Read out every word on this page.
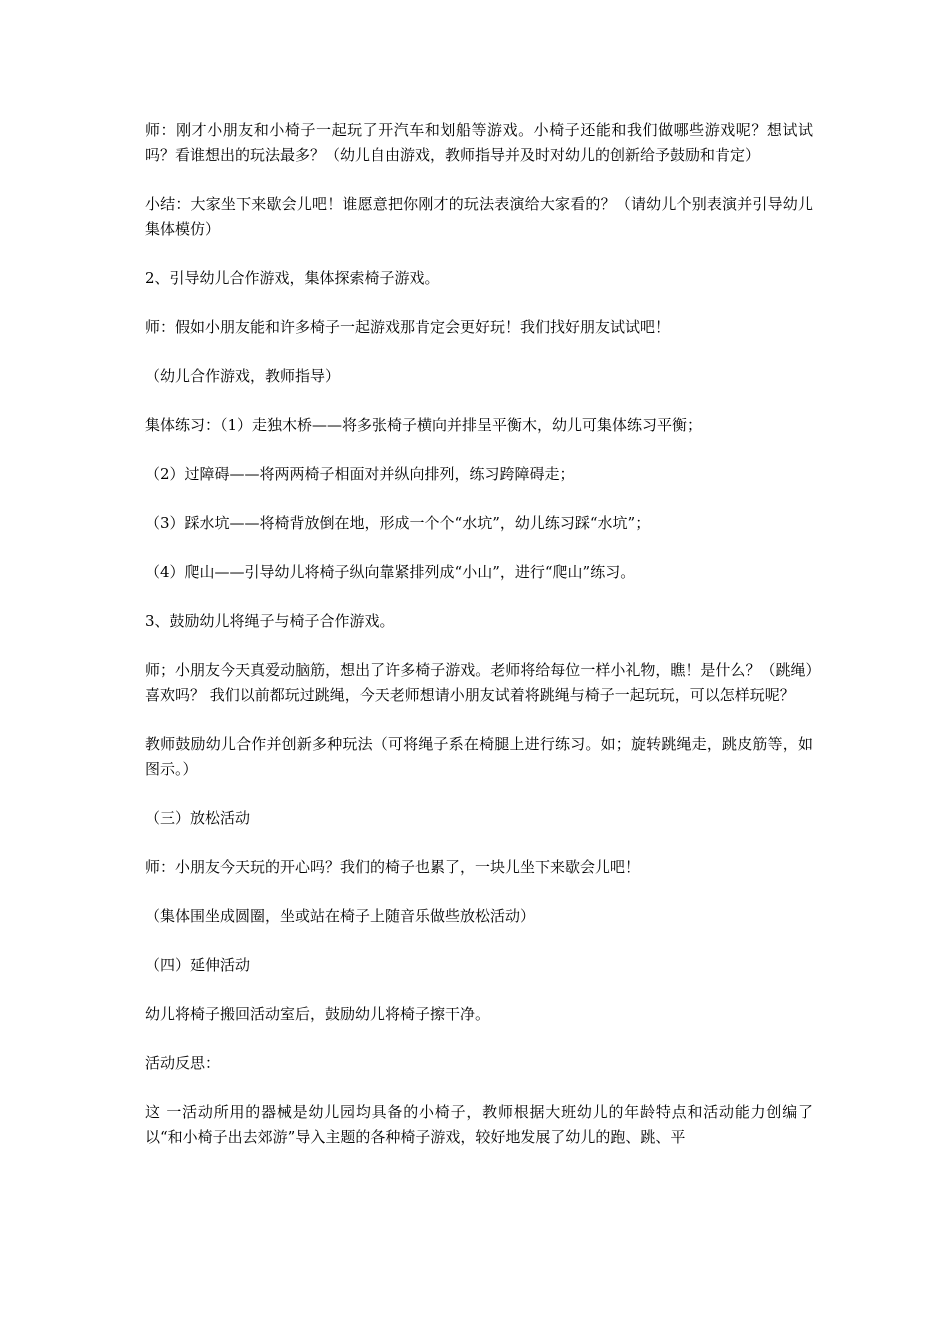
师：刚才小朋友和小椅子一起玩了开汽车和划船等游戏。小椅子还能和我们做哪些游戏呢？想试试吗？看谁想出的玩法最多？（幼儿自由游戏，教师指导并及时对幼儿的创新给予鼓励和肯定）

小结：大家坐下来歇会儿吧！谁愿意把你刚才的玩法表演给大家看的？（请幼儿个别表演并引导幼儿集体模仿）

2、引导幼儿合作游戏，集体探索椅子游戏。

师：假如小朋友能和许多椅子一起游戏那肯定会更好玩！我们找好朋友试试吧！

（幼儿合作游戏，教师指导）

集体练习：（1）走独木桥——将多张椅子横向并排呈平衡木，幼儿可集体练习平衡；

（2）过障碍——将两两椅子相面对并纵向排列，练习跨障碍走；

（3）踩水坑——将椅背放倒在地，形成一个个“水坑”，幼儿练习踩“水坑”；

（4）爬山——引导幼儿将椅子纵向靠紧排列成“小山”，进行“爬山”练习。

3、鼓励幼儿将绳子与椅子合作游戏。

师；小朋友今天真爱动脑筋，想出了许多椅子游戏。老师将给每位一样小礼物，瞧！是什么？（跳绳）喜欢吗？ 我们以前都玩过跳绳，今天老师想请小朋友试着将跳绳与椅子一起玩玩，可以怎样玩呢？

教师鼓励幼儿合作并创新多种玩法（可将绳子系在椅腿上进行练习。如；旋转跳绳走，跳皮筋等，如图示。）

（三）放松活动

师：小朋友今天玩的开心吗？我们的椅子也累了，一块儿坐下来歇会儿吧！

（集体围坐成圆圈，坐或站在椅子上随音乐做些放松活动）

（四）延伸活动

幼儿将椅子搬回活动室后，鼓励幼儿将椅子擦干净。

活动反思：

这 一活动所用的器械是幼儿园均具备的小椅子，教师根据大班幼儿的年龄特点和活动能力创编了以“和小椅子出去郊游”导入主题的各种椅子游戏，较好地发展了幼儿的跑、跳、平
